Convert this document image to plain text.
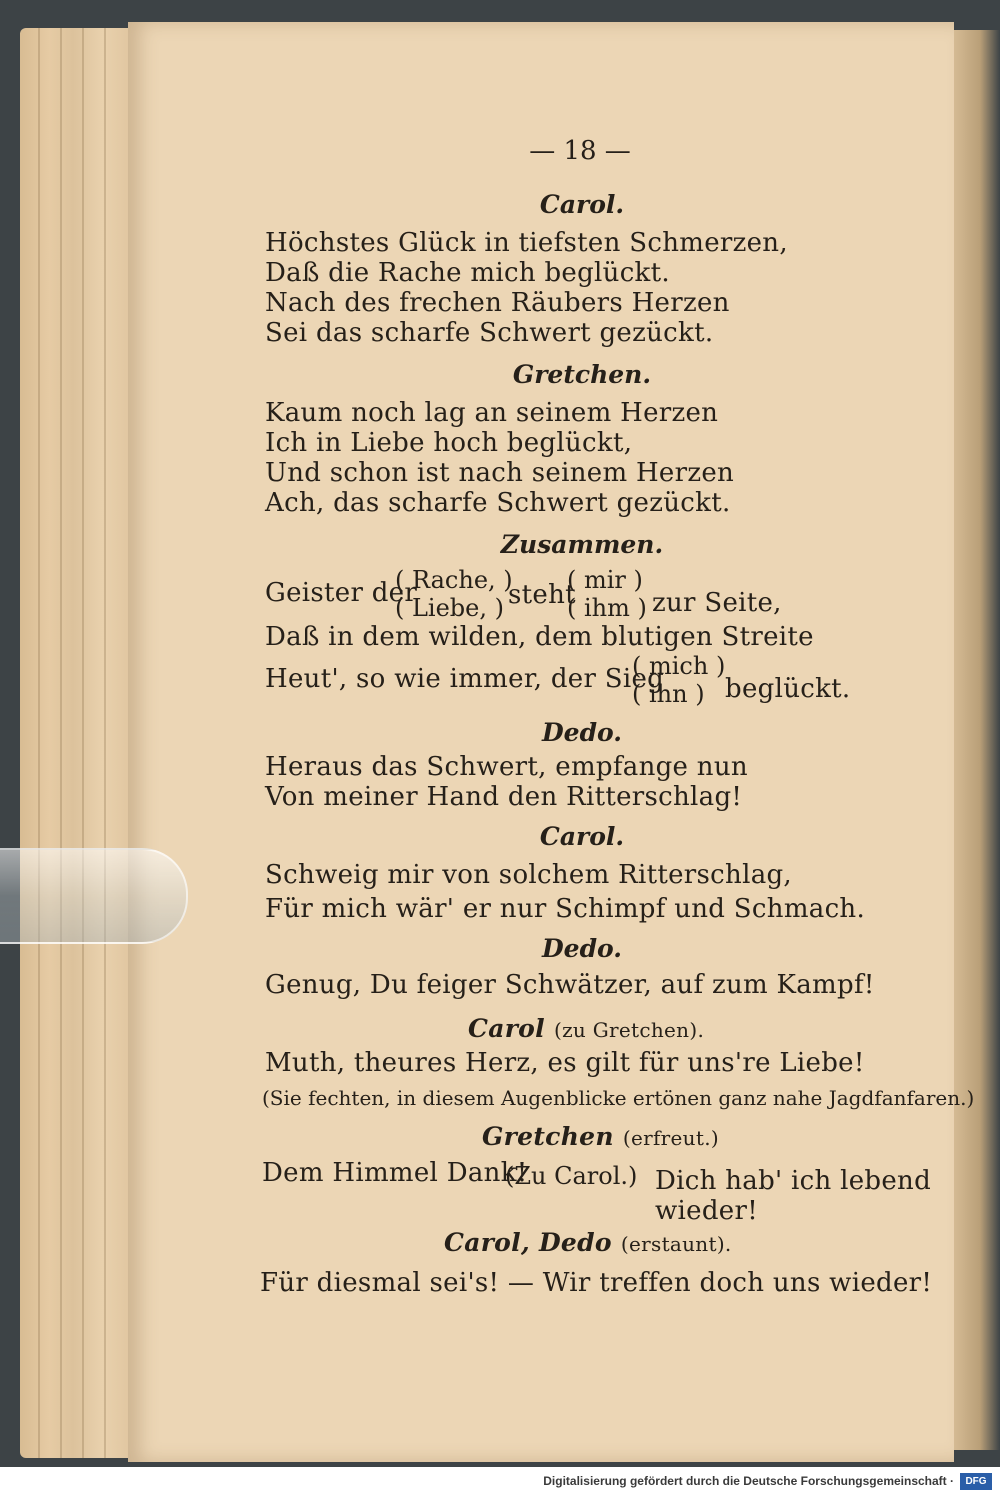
— 18 —
Carol.
Höchstes Glück in tiefsten Schmerzen,
Daß die Rache mich beglückt.
Nach des frechen Räubers Herzen
Sei das scharfe Schwert gezückt.
Gretchen.
Kaum noch lag an seinem Herzen
Ich in Liebe hoch beglückt,
Und schon ist nach seinem Herzen
Ach, das scharfe Schwert gezückt.
Zusammen.
Geister der
( Rache, )
( Liebe, ) steht
( mir )
( ihm ) zur Seite,
Daß in dem wilden, dem blutigen Streite
Heut', so wie immer, der Sieg
( mich )
( ihn ) beglückt.
Dedo.
Heraus das Schwert, empfange nun
Von meiner Hand den Ritterschlag!
Carol.
Schweig mir von solchem Ritterschlag,
Für mich wär' er nur Schimpf und Schmach.
Dedo.
Genug, Du feiger Schwätzer, auf zum Kampf!
Carol (zu Gretchen).
Muth, theures Herz, es gilt für uns're Liebe!
(Sie fechten, in diesem Augenblicke ertönen ganz nahe Jagdfanfaren.)
Gretchen (erfreut.)
Dem Himmel Dank!
(Zu Carol.) Dich hab' ich lebend
wieder!
Carol, Dedo (erstaunt).
Für diesmal sei's! — Wir treffen doch uns wieder!
Digitalisierung gefördert durch die Deutsche Forschungsgemeinschaft ·	DFG
